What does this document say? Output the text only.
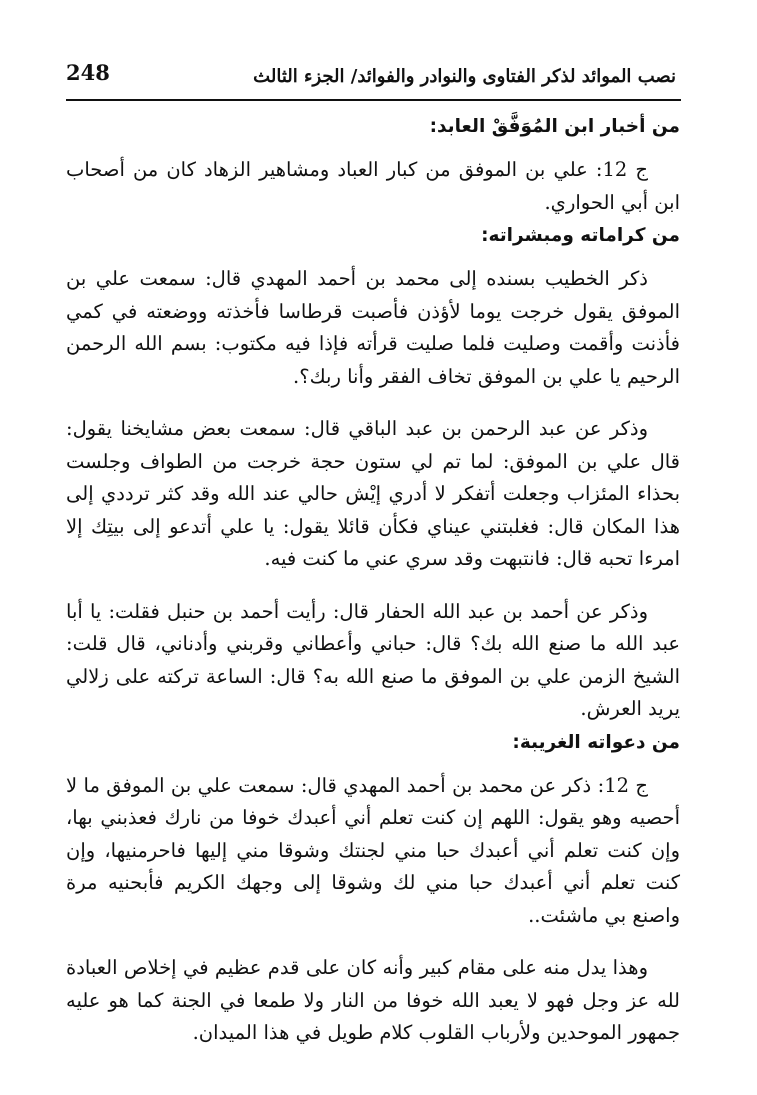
248	نصب الموائد لذكر الفتاوى والنوادر والفوائد/ الجزء الثالث
من أخبار ابن المُوَفَّقْ العابد:

ج 12: علي بن الموفق من كبار العباد ومشاهير الزهاد كان من أصحاب ابن أبي الحواري.

من كراماته ومبشراته:

ذكر الخطيب بسنده إلى محمد بن أحمد المهدي قال: سمعت علي بن الموفق يقول خرجت يوما لأؤذن فأصبت قرطاسا فأخذته ووضعته في كمي فأذنت وأقمت وصليت فلما صليت قرأته فإذا فيه مكتوب: بسم الله الرحمن الرحيم يا علي بن الموفق تخاف الفقر وأنا ربك؟.

وذكر عن عبد الرحمن بن عبد الباقي قال: سمعت بعض مشايخنا يقول: قال علي بن الموفق: لما تم لي ستون حجة خرجت من الطواف وجلست بحذاء المئزاب وجعلت أتفكر لا أدري إيْش حالي عند الله وقد كثر ترددي إلى هذا المكان قال: فغلبتني عيناي فكأن قائلا يقول: يا علي أتدعو إلى بيتِك إلا امرءا تحبه قال: فانتبهت وقد سري عني ما كنت فيه.

وذكر عن أحمد بن عبد الله الحفار قال: رأيت أحمد بن حنبل فقلت: يا أبا عبد الله ما صنع الله بك؟ قال: حباني وأعطاني وقربني وأدناني، قال قلت: الشيخ الزمن علي بن الموفق ما صنع الله به؟ قال: الساعة تركته على زلالي يريد العرش.

من دعواته الغريبة:

ج 12: ذكر عن محمد بن أحمد المهدي قال: سمعت علي بن الموفق ما لا أحصيه وهو يقول: اللهم إن كنت تعلم أني أعبدك خوفا من نارك فعذبني بها، وإن كنت تعلم أني أعبدك حبا مني لجنتك وشوقا مني إليها فاحرمنيها، وإن كنت تعلم أني أعبدك حبا مني لك وشوقا إلى وجهك الكريم فأبحنيه مرة واصنع بي ماشئت..

وهذا يدل منه على مقام كبير وأنه كان على قدم عظيم في إخلاص العبادة لله عز وجل فهو لا يعبد الله خوفا من النار ولا طمعا في الجنة كما هو عليه جمهور الموحدين ولأرباب القلوب كلام طويل في هذا الميدان.
